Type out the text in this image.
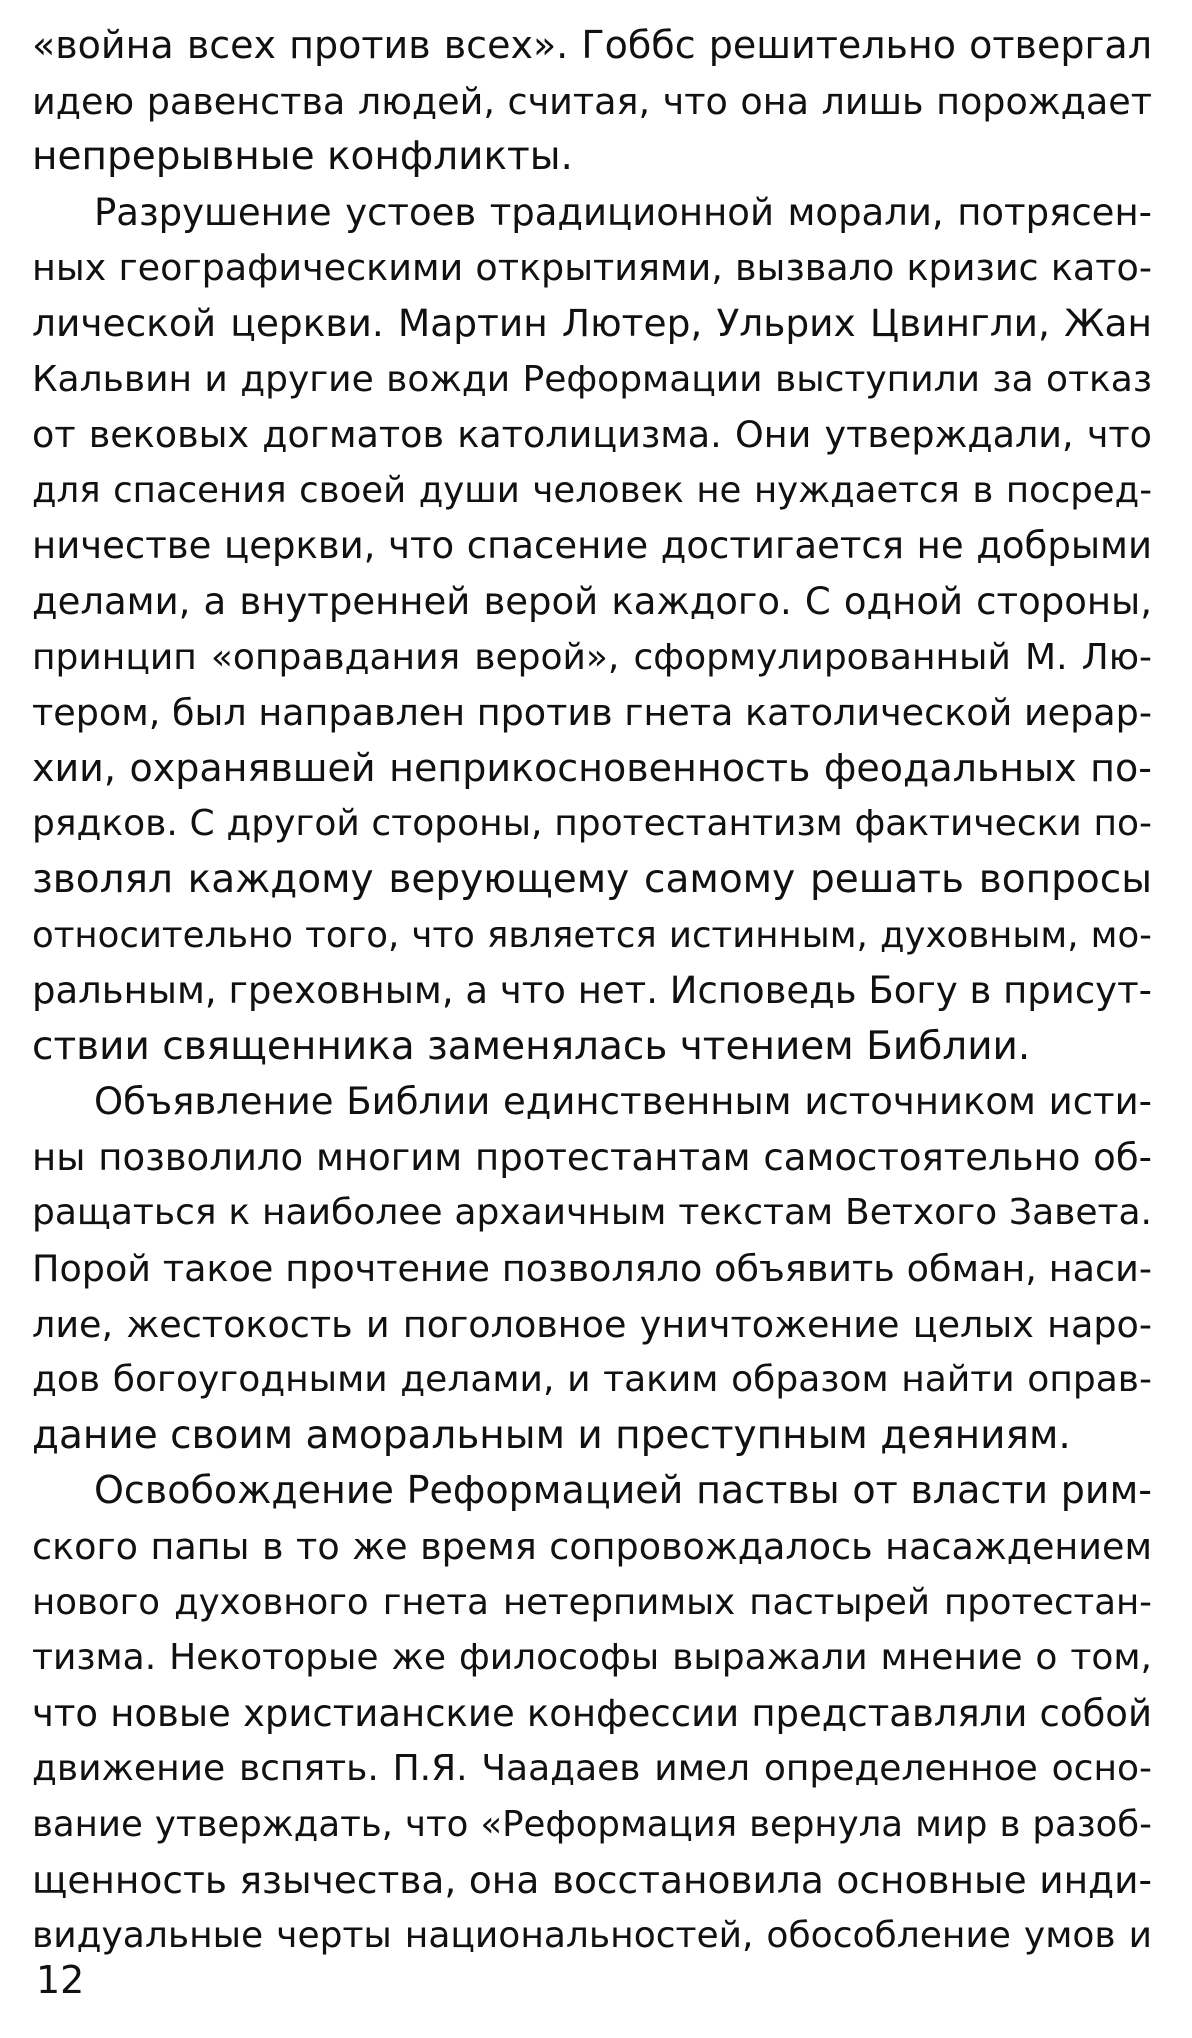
«война всех против всех». Гоббс решительно отвергал
идею равенства людей, считая, что она лишь порождает
непрерывные конфликты.
Разрушение устоев традиционной морали, потрясен-
ных географическими открытиями, вызвало кризис като-
лической церкви. Мартин Лютер, Ульрих Цвингли, Жан
Кальвин и другие вожди Реформации выступили за отказ
от вековых догматов католицизма. Они утверждали, что
для спасения своей души человек не нуждается в посред-
ничестве церкви, что спасение достигается не добрыми
делами, а внутренней верой каждого. С одной стороны,
принцип «оправдания верой», сформулированный М. Лю-
тером, был направлен против гнета католической иерар-
хии, охранявшей неприкосновенность феодальных по-
рядков. С другой стороны, протестантизм фактически по-
зволял каждому верующему самому решать вопросы
относительно того, что является истинным, духовным, мо-
ральным, греховным, а что нет. Исповедь Богу в присут-
ствии священника заменялась чтением Библии.
Объявление Библии единственным источником исти-
ны позволило многим протестантам самостоятельно об-
ращаться к наиболее архаичным текстам Ветхого Завета.
Порой такое прочтение позволяло объявить обман, наси-
лие, жестокость и поголовное уничтожение целых наро-
дов богоугодными делами, и таким образом найти оправ-
дание своим аморальным и преступным деяниям.
Освобождение Реформацией паствы от власти рим-
ского папы в то же время сопровождалось насаждением
нового духовного гнета нетерпимых пастырей протестан-
тизма. Некоторые же философы выражали мнение о том,
что новые христианские конфессии представляли собой
движение вспять. П.Я. Чаадаев имел определенное осно-
вание утверждать, что «Реформация вернула мир в разоб-
щенность язычества, она восстановила основные инди-
видуальные черты национальностей, обособление умов и
12
